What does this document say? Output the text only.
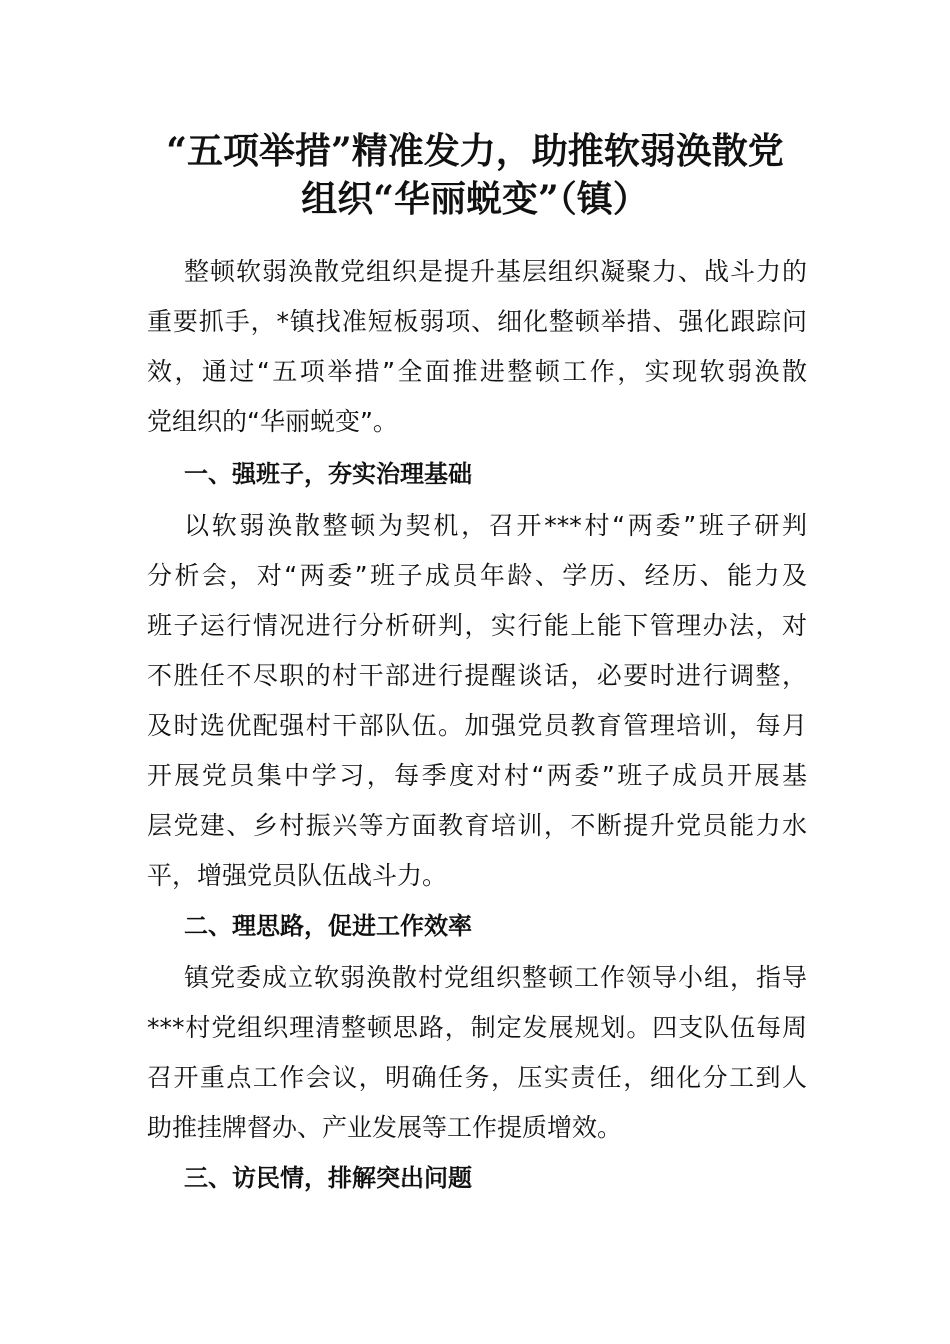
“五项举措”精准发力，助推软弱涣散党
组织“华丽蜕变”（镇）

整顿软弱涣散党组织是提升基层组织凝聚力、战斗力的

重要抓手，*镇找准短板弱项、细化整顿举措、强化跟踪问

效，通过“五项举措”全面推进整顿工作，实现软弱涣散

党组织的“华丽蜕变”。

一、强班子，夯实治理基础

以软弱涣散整顿为契机，召开***村“两委”班子研判

分析会，对“两委”班子成员年龄、学历、经历、能力及

班子运行情况进行分析研判，实行能上能下管理办法，对

不胜任不尽职的村干部进行提醒谈话，必要时进行调整，

及时选优配强村干部队伍。加强党员教育管理培训，每月

开展党员集中学习，每季度对村“两委”班子成员开展基

层党建、乡村振兴等方面教育培训，不断提升党员能力水

平，增强党员队伍战斗力。

二、理思路，促进工作效率

镇党委成立软弱涣散村党组织整顿工作领导小组，指导

***村党组织理清整顿思路，制定发展规划。四支队伍每周

召开重点工作会议，明确任务，压实责任，细化分工到人

助推挂牌督办、产业发展等工作提质增效。

三、访民情，排解突出问题
